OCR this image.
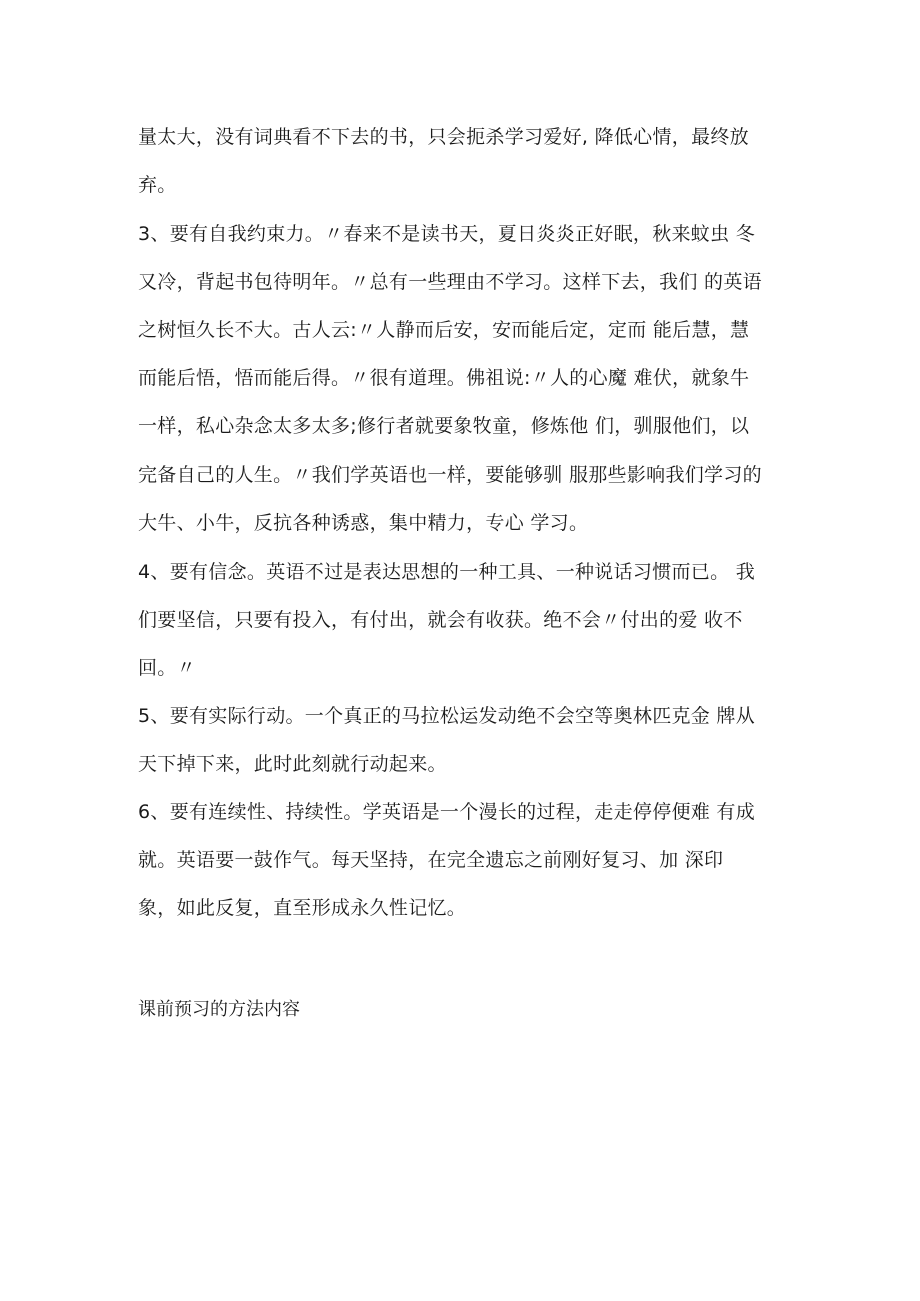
量太大，没有词典看不下去的书，只会扼杀学习爱好, 降低心情，最终放
弃。
3、要有自我约束力。〃春来不是读书天，夏日炎炎正好眠，秋来蚊虫 冬
又冷，背起书包待明年。〃总有一些理由不学习。这样下去，我们 的英语
之树恒久长不大。古人云:〃人静而后安，安而能后定，定而 能后慧，慧
而能后悟，悟而能后得。〃很有道理。佛祖说:〃人的心魔 难伏，就象牛
一样，私心杂念太多太多;修行者就要象牧童，修炼他 们，驯服他们，以
完备自己的人生。〃我们学英语也一样，要能够驯 服那些影响我们学习的
大牛、小牛，反抗各种诱惑，集中精力，专心 学习。
4、要有信念。英语不过是表达思想的一种工具、一种说话习惯而已。 我
们要坚信，只要有投入，有付出，就会有收获。绝不会〃付出的爱 收不
回。〃
5、要有实际行动。一个真正的马拉松运发动绝不会空等奥林匹克金 牌从
天下掉下来，此时此刻就行动起来。
6、要有连续性、持续性。学英语是一个漫长的过程，走走停停便难 有成
就。英语要一鼓作气。每天坚持，在完全遗忘之前刚好复习、加 深印
象，如此反复，直至形成永久性记忆。
课前预习的方法内容
